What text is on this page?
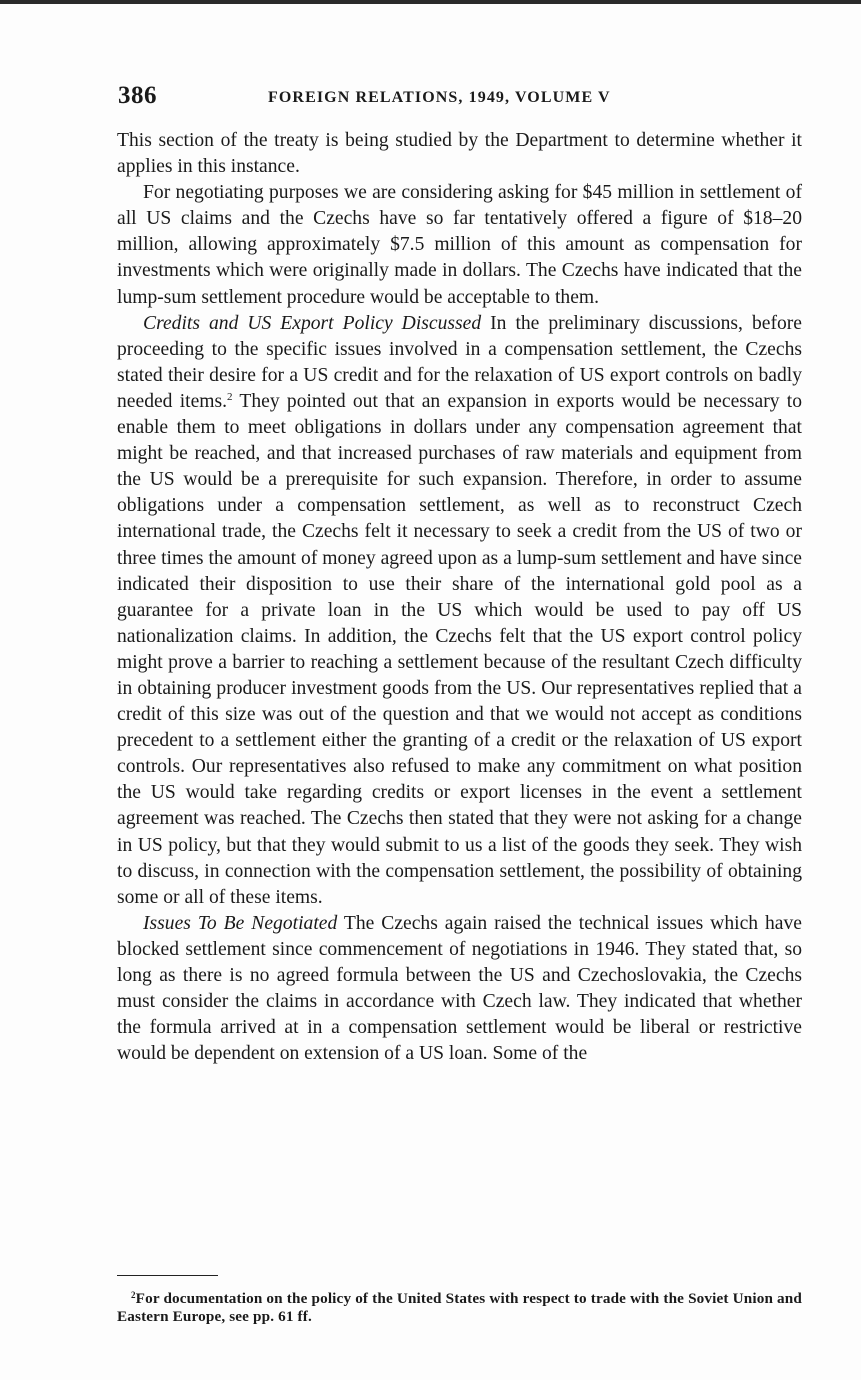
386	FOREIGN RELATIONS, 1949, VOLUME V

This section of the treaty is being studied by the Department to determine whether it applies in this instance.

For negotiating purposes we are considering asking for $45 million in settlement of all US claims and the Czechs have so far tentatively offered a figure of $18–20 million, allowing approximately $7.5 million of this amount as compensation for investments which were originally made in dollars. The Czechs have indicated that the lump-sum settlement procedure would be acceptable to them.

Credits and US Export Policy Discussed In the preliminary discussions, before proceeding to the specific issues involved in a compensation settlement, the Czechs stated their desire for a US credit and for the relaxation of US export controls on badly needed items.$^2$ They pointed out that an expansion in exports would be necessary to enable them to meet obligations in dollars under any compensation agreement that might be reached, and that increased purchases of raw materials and equipment from the US would be a prerequisite for such expansion. Therefore, in order to assume obligations under a compensation settlement, as well as to reconstruct Czech international trade, the Czechs felt it necessary to seek a credit from the US of two or three times the amount of money agreed upon as a lump-sum settlement and have since indicated their disposition to use their share of the international gold pool as a guarantee for a private loan in the US which would be used to pay off US nationalization claims. In addition, the Czechs felt that the US export control policy might prove a barrier to reaching a settlement because of the resultant Czech difficulty in obtaining producer investment goods from the US. Our representatives replied that a credit of this size was out of the question and that we would not accept as conditions precedent to a settlement either the granting of a credit or the relaxation of US export controls. Our representatives also refused to make any commitment on what position the US would take regarding credits or export licenses in the event a settlement agreement was reached. The Czechs then stated that they were not asking for a change in US policy, but that they would submit to us a list of the goods they seek. They wish to discuss, in connection with the compensation settlement, the possibility of obtaining some or all of these items.

Issues To Be Negotiated The Czechs again raised the technical issues which have blocked settlement since commencement of negotiations in 1946. They stated that, so long as there is no agreed formula between the US and Czechoslovakia, the Czechs must consider the claims in accordance with Czech law. They indicated that whether the formula arrived at in a compensation settlement would be liberal or restrictive would be dependent on extension of a US loan. Some of the

$^2$For documentation on the policy of the United States with respect to trade with the Soviet Union and Eastern Europe, see pp. 61 ff.
